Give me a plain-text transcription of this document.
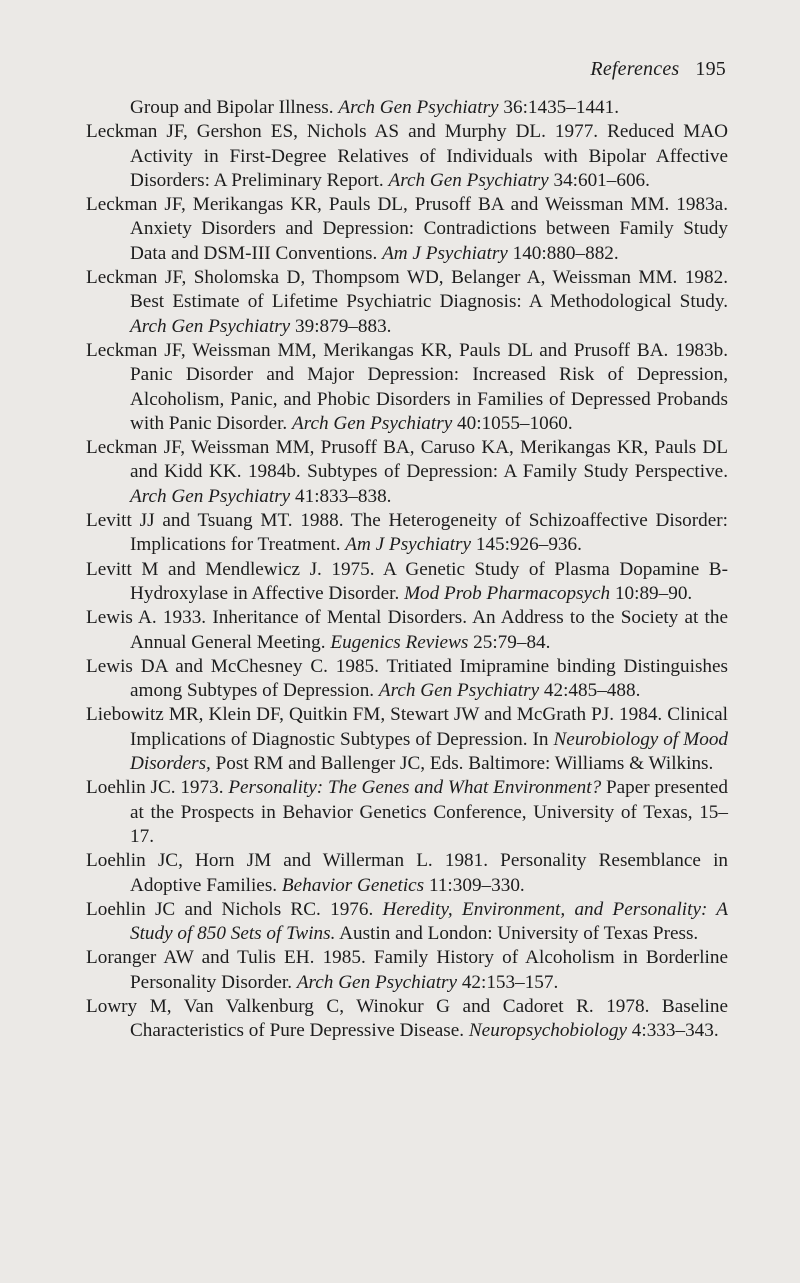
References 195

Group and Bipolar Illness. Arch Gen Psychiatry 36:1435–1441.

Leckman JF, Gershon ES, Nichols AS and Murphy DL. 1977. Reduced MAO Activity in First-Degree Relatives of Individuals with Bipolar Affective Disorders: A Preliminary Report. Arch Gen Psychiatry 34:601–606.

Leckman JF, Merikangas KR, Pauls DL, Prusoff BA and Weissman MM. 1983a. Anxiety Disorders and Depression: Contradictions between Family Study Data and DSM-III Conventions. Am J Psychiatry 140:880–882.

Leckman JF, Sholomska D, Thompsom WD, Belanger A, Weissman MM. 1982. Best Estimate of Lifetime Psychiatric Diagnosis: A Methodological Study. Arch Gen Psychiatry 39:879–883.

Leckman JF, Weissman MM, Merikangas KR, Pauls DL and Prusoff BA. 1983b. Panic Disorder and Major Depression: Increased Risk of Depression, Alcoholism, Panic, and Phobic Disorders in Families of Depressed Probands with Panic Disorder. Arch Gen Psychiatry 40:1055–1060.

Leckman JF, Weissman MM, Prusoff BA, Caruso KA, Merikangas KR, Pauls DL and Kidd KK. 1984b. Subtypes of Depression: A Family Study Perspective. Arch Gen Psychiatry 41:833–838.

Levitt JJ and Tsuang MT. 1988. The Heterogeneity of Schizoaffective Disorder: Implications for Treatment. Am J Psychiatry 145:926–936.

Levitt M and Mendlewicz J. 1975. A Genetic Study of Plasma Dopamine B-Hydroxylase in Affective Disorder. Mod Prob Pharmacopsych 10:89–90.

Lewis A. 1933. Inheritance of Mental Disorders. An Address to the Society at the Annual General Meeting. Eugenics Reviews 25:79–84.

Lewis DA and McChesney C. 1985. Tritiated Imipramine binding Distinguishes among Subtypes of Depression. Arch Gen Psychiatry 42:485–488.

Liebowitz MR, Klein DF, Quitkin FM, Stewart JW and McGrath PJ. 1984. Clinical Implications of Diagnostic Subtypes of Depression. In Neurobiology of Mood Disorders, Post RM and Ballenger JC, Eds. Baltimore: Williams & Wilkins.

Loehlin JC. 1973. Personality: The Genes and What Environment? Paper presented at the Prospects in Behavior Genetics Conference, University of Texas, 15–17.

Loehlin JC, Horn JM and Willerman L. 1981. Personality Resemblance in Adoptive Families. Behavior Genetics 11:309–330.

Loehlin JC and Nichols RC. 1976. Heredity, Environment, and Personality: A Study of 850 Sets of Twins. Austin and London: University of Texas Press.

Loranger AW and Tulis EH. 1985. Family History of Alcoholism in Borderline Personality Disorder. Arch Gen Psychiatry 42:153–157.

Lowry M, Van Valkenburg C, Winokur G and Cadoret R. 1978. Baseline Characteristics of Pure Depressive Disease. Neuropsychobiology 4:333–343.
